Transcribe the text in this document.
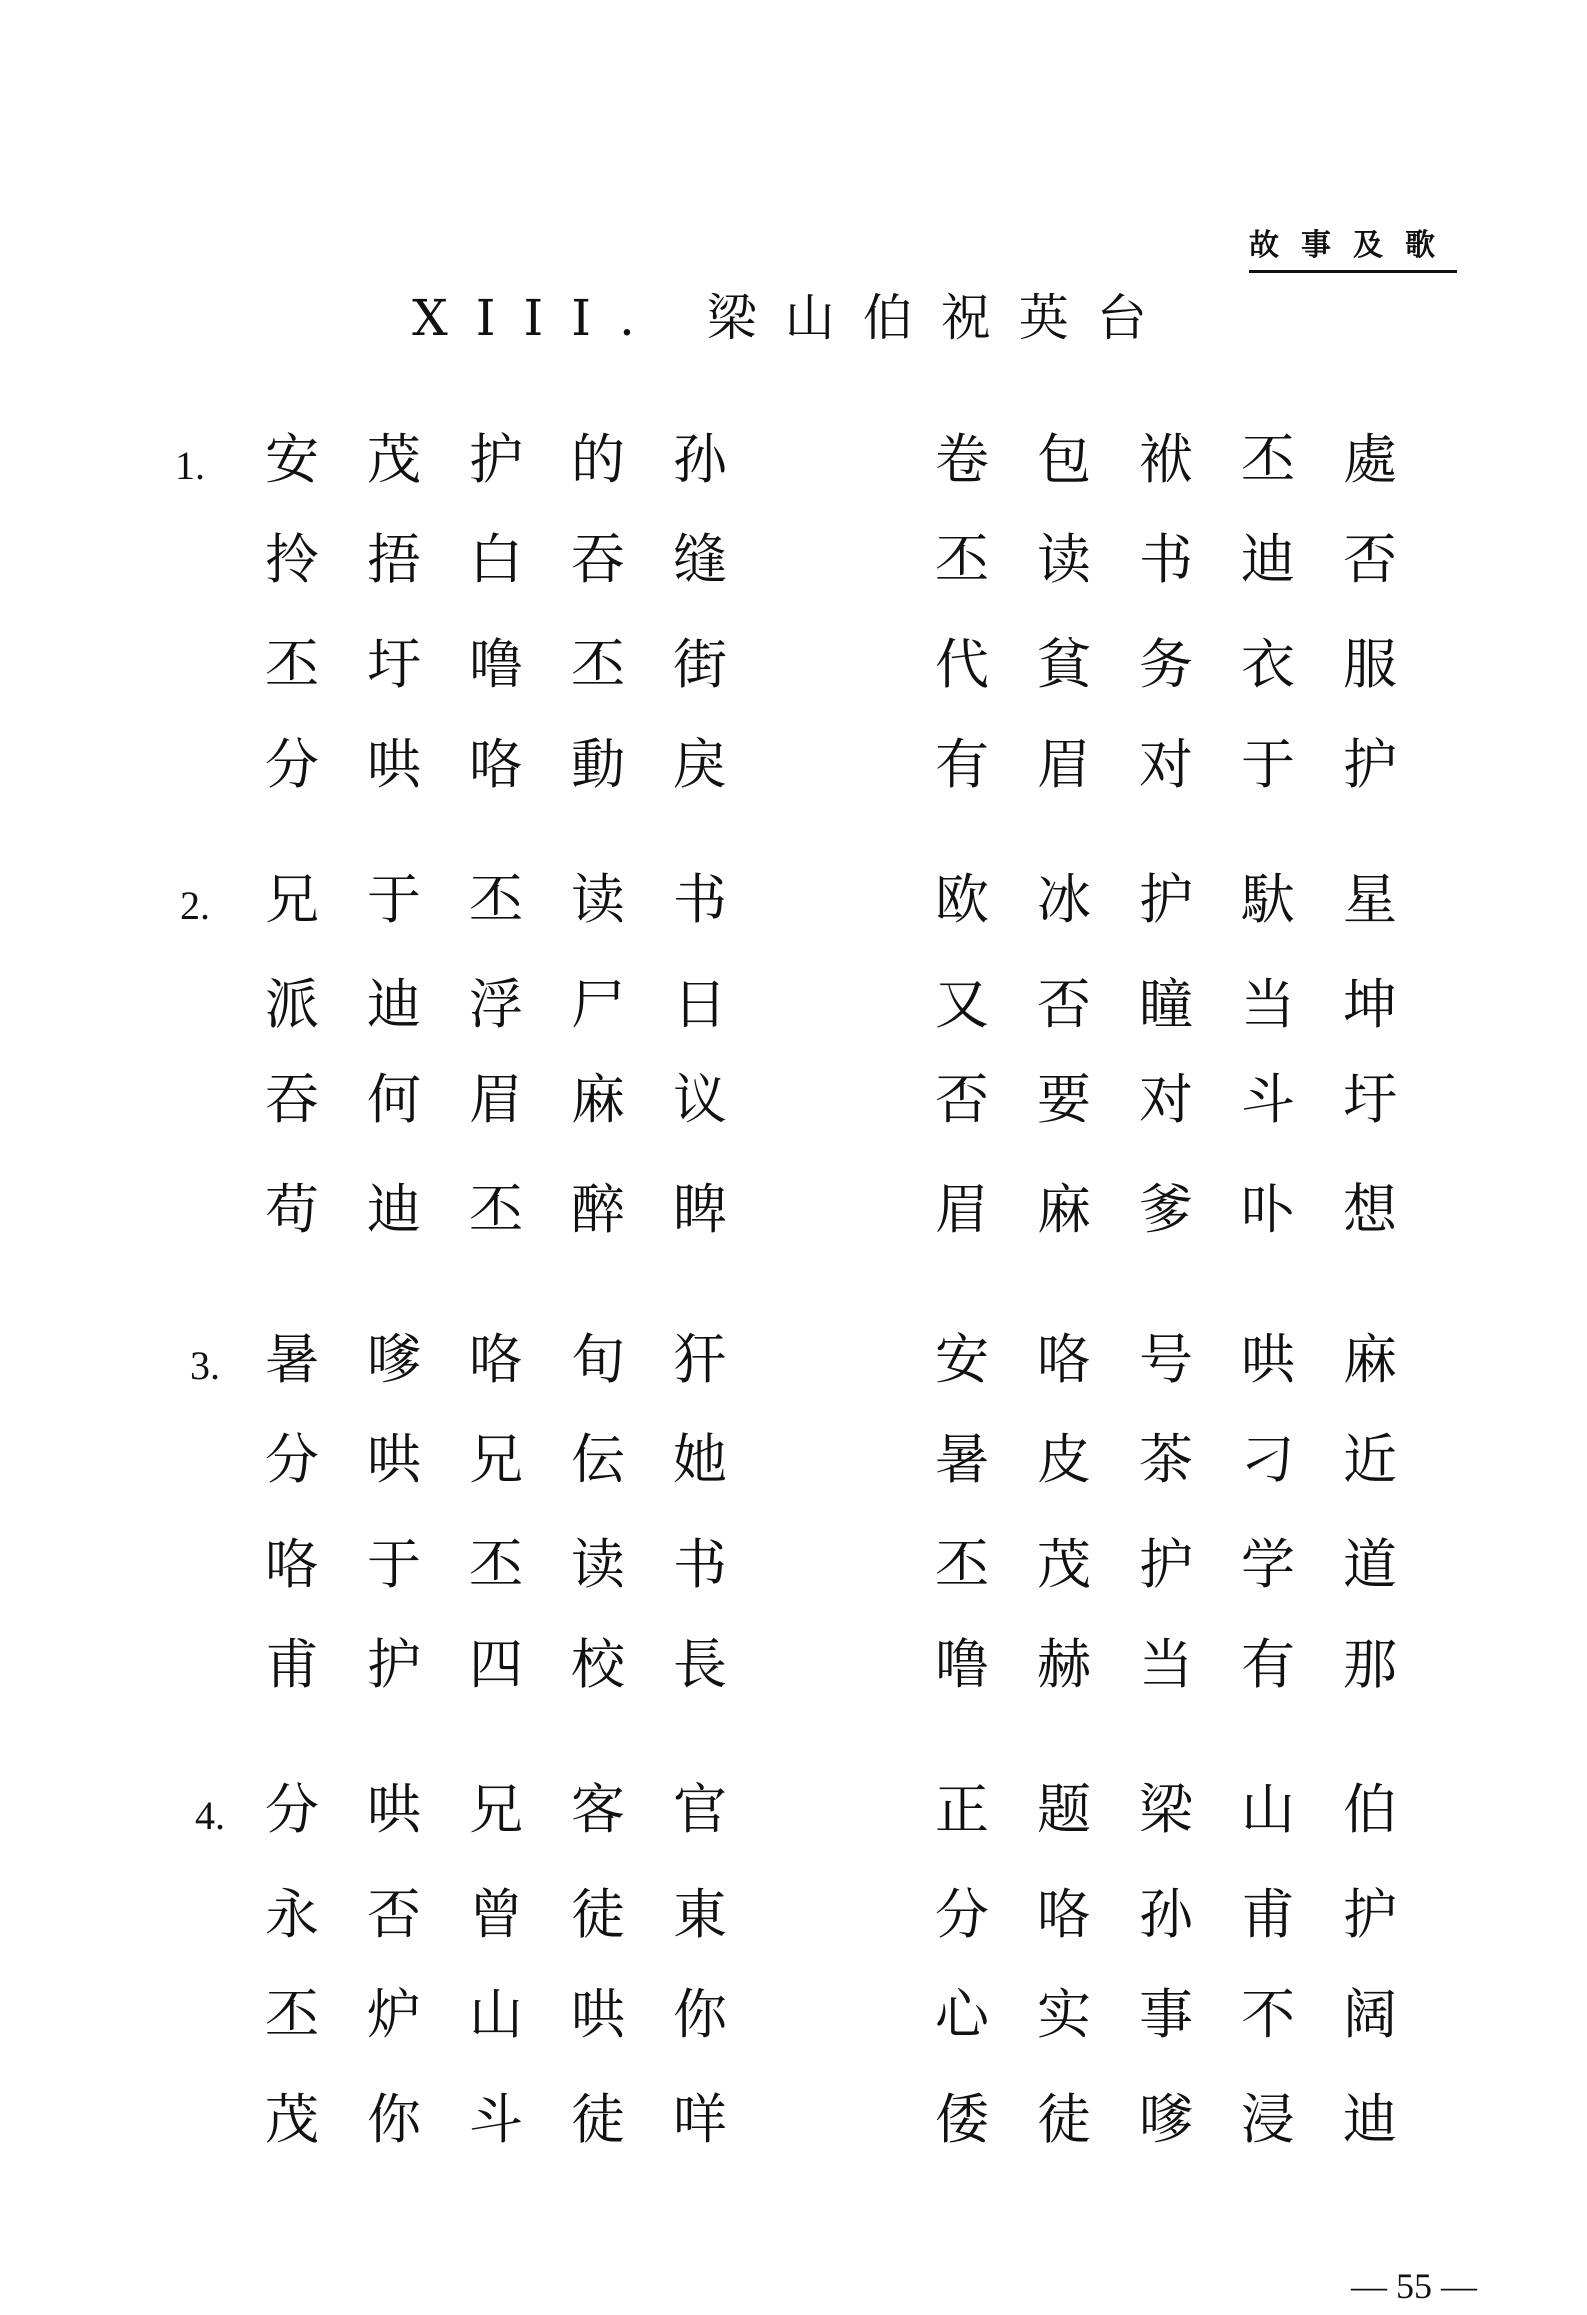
故事及歌
XIII. 梁山伯祝英台
1. 安茂护的孙
拎捂白吞缝
丕圩噜丕街
分哄咯動戾
卷包袱丕處
丕读书迪否
代貧务衣服
有眉对于护
2. 兄于丕读书
派迪浮尸日
吞何眉麻议
苟迪丕醉睥
欧冰护馱星
又否瞳当坤
否要对斗圩
眉麻爹卟想
3. 暑嗲咯旬犴
分哄兄伝她
咯于丕读书
甫护四校長
安咯号哄麻
暑皮茶刁近
丕茂护学道
噜赫当有那
4. 分哄兄客官
永否曾徒東
丕炉山哄你
茂你斗徒咩
正题梁山伯
分咯孙甫护
心实事不阔
倭徒嗲浸迪
— 55 —
